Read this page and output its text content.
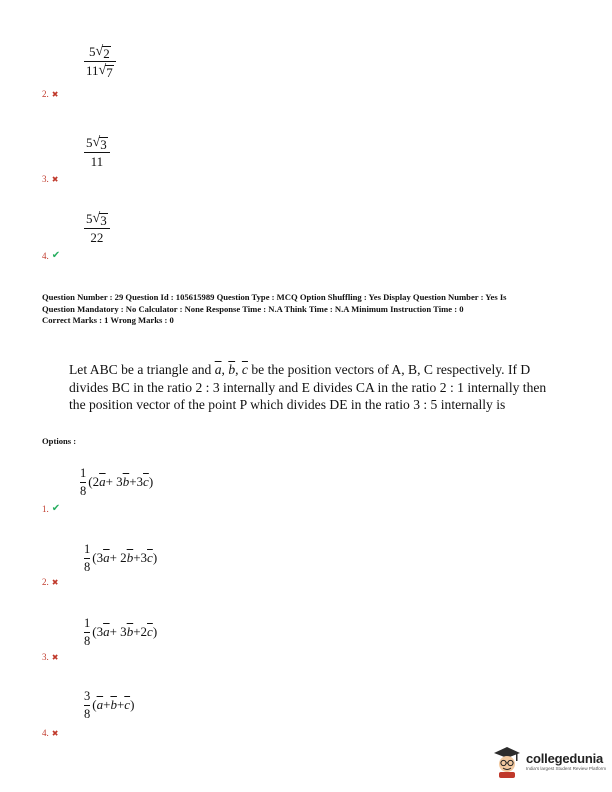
5 √ 2
11 √ 7
2. ✖
5 √ 3
11
3. ✖
5 √ 3
22
4. ✔
Question Number : 29 Question Id : 105615989 Question Type : MCQ Option Shuffling : Yes Display Question Number : Yes Is
Question Mandatory : No Calculator : None Response Time : N.A Think Time : N.A Minimum Instruction Time : 0
Correct Marks : 1 Wrong Marks : 0
Let ABC be a triangle and $\overline{a}$, $\overline{b}$, $\overline{c}$ be the position vectors of A, B, C respectively. If D divides BC in the ratio 2 : 3 internally and E divides CA in the ratio 2 : 1 internally then the position vector of the point P which divides DE in the ratio 3 : 5 internally is
Options :
1
8
(2 $\overline{a} + 3$ $\overline{b} +3$ $\overline{c}$ )
1. ✔
1
8
(3 $\overline{a} + 2$ $\overline{b} +3$ $\overline{c}$ )
2. ✖
1
8
(3 $\overline{a} + 3$ $\overline{b} +2$ $\overline{c}$ )
3. ✖
3
8
( $\overline{a} + \overline{b} + \overline{c}$ )
4. ✖
collegedunia
India's largest Student Review Platform
